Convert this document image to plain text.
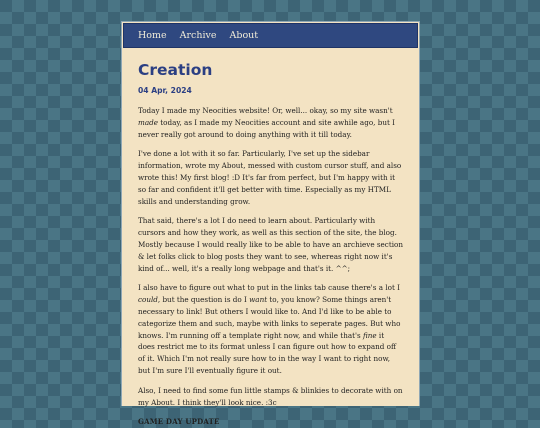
Home Archive About
Creation
04 Apr, 2024

Today I made my Neocities website! Or, well... okay, so my site wasn't made today, as I made my Neocities account and site awhile ago, but I never really got around to doing anything with it till today.

I've done a lot with it so far. Particularly, I've set up the sidebar information, wrote my About, messed with custom cursor stuff, and also wrote this! My first blog! :D It's far from perfect, but I'm happy with it so far and confident it'll get better with time. Especially as my HTML skills and understanding grow.

That said, there's a lot I do need to learn about. Particularly with cursors and how they work, as well as this section of the site, the blog. Mostly because I would really like to be able to have an archieve section & let folks click to blog posts they want to see, whereas right now it's kind of... well, it's a really long webpage and that's it. ^^;

I also have to figure out what to put in the links tab cause there's a lot I could, but the question is do I want to, you know? Some things aren't necessary to link! But others I would like to. And I'd like to be able to categorize them and such, maybe with links to seperate pages. But who knows. I'm running off a template right now, and while that's fine it does restrict me to its format unless I can figure out how to expand off of it. Which I'm not really sure how to in the way I want to right now, but I'm sure I'll eventually figure it out.

Also, I need to find some fun little stamps & blinkies to decorate with on my About. I think they'll look nice. :3c

GAME DAY UPDATE
